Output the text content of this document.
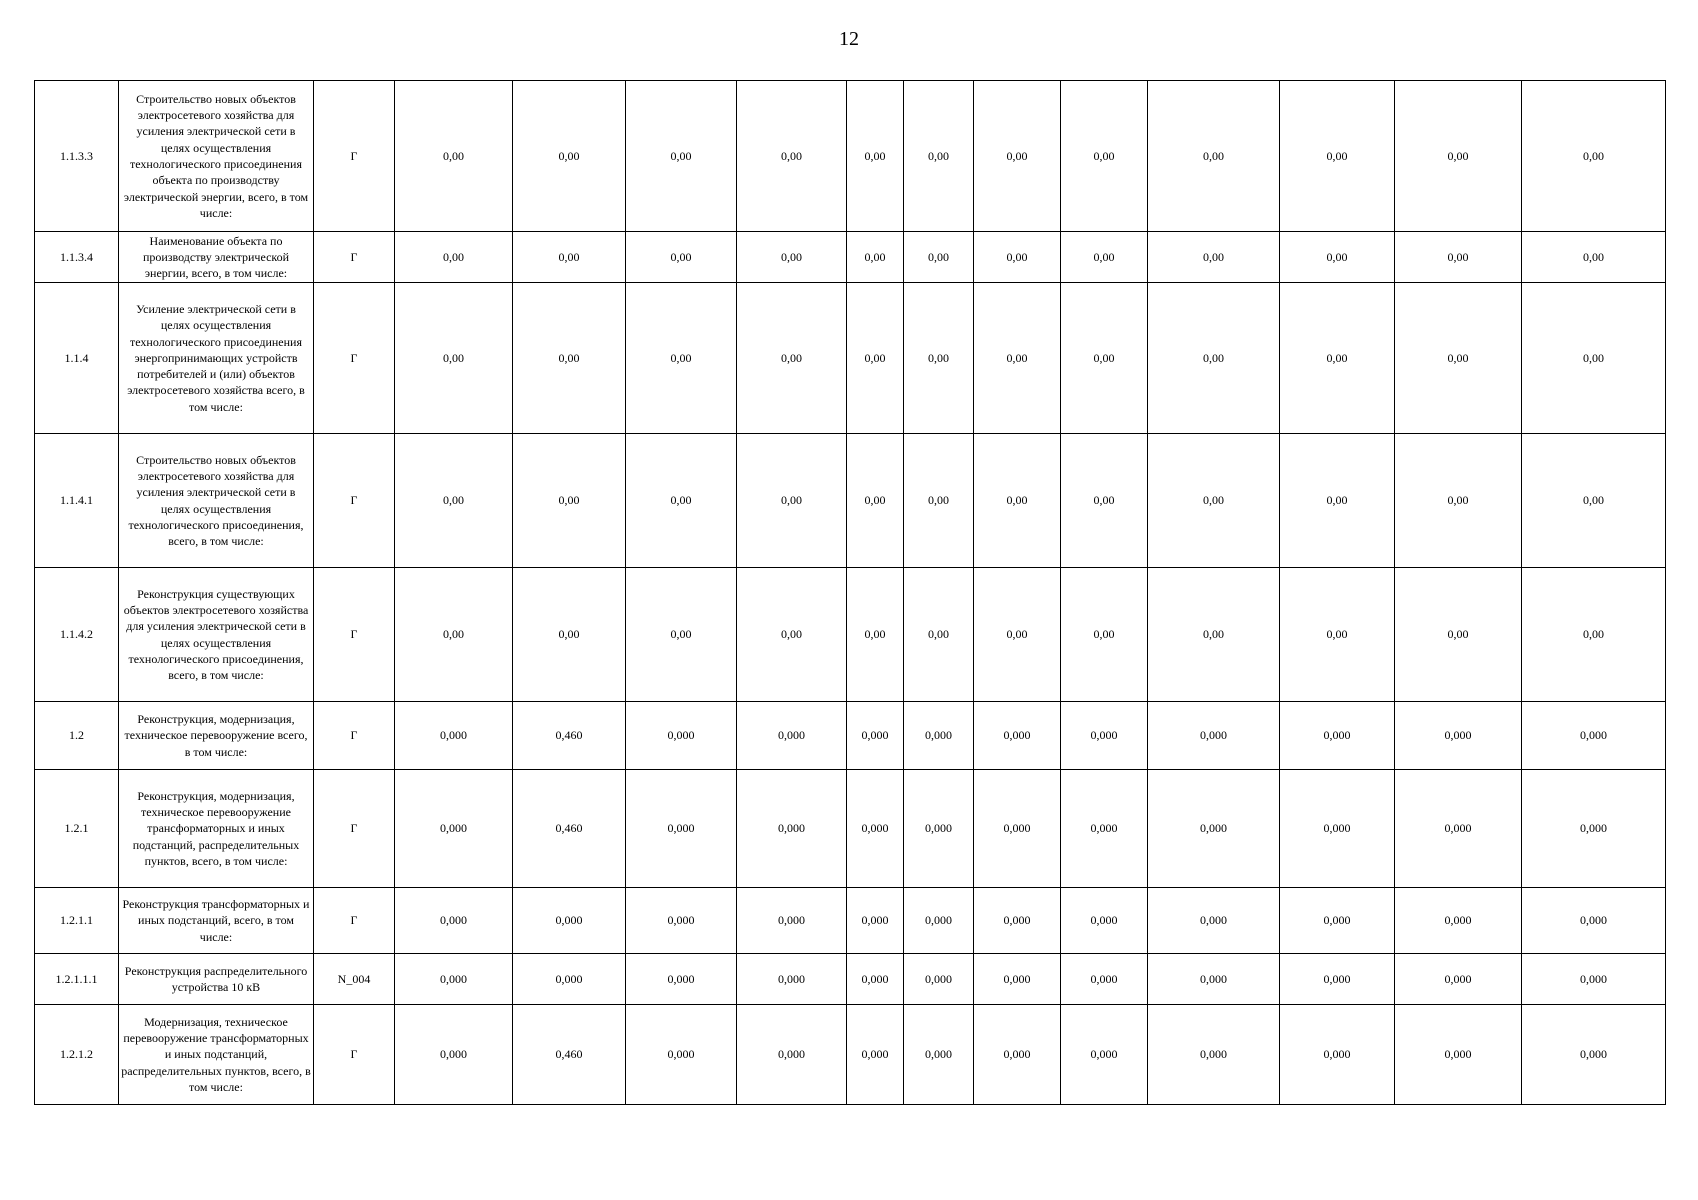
12
1.1.3.3	Строительство новых объектов электросетевого хозяйства для усиления электрической сети в целях осуществления технологического присоединения объекта по производству электрической энергии, всего, в том числе:	Г	0,00	0,00	0,00	0,00	0,00	0,00	0,00	0,00	0,00	0,00	0,00	0,00
1.1.3.4	Наименование объекта по производству электрической энергии, всего, в том числе:	Г	0,00	0,00	0,00	0,00	0,00	0,00	0,00	0,00	0,00	0,00	0,00	0,00
1.1.4	Усиление электрической сети в целях осуществления технологического присоединения энергопринимающих устройств потребителей и (или) объектов электросетевого хозяйства всего, в том числе:	Г	0,00	0,00	0,00	0,00	0,00	0,00	0,00	0,00	0,00	0,00	0,00	0,00
1.1.4.1	Строительство новых объектов электросетевого хозяйства для усиления электрической сети в целях осуществления технологического присоединения, всего, в том числе:	Г	0,00	0,00	0,00	0,00	0,00	0,00	0,00	0,00	0,00	0,00	0,00	0,00
1.1.4.2	Реконструкция существующих объектов электросетевого хозяйства для усиления электрической сети в целях осуществления технологического присоединения, всего, в том числе:	Г	0,00	0,00	0,00	0,00	0,00	0,00	0,00	0,00	0,00	0,00	0,00	0,00
1.2	Реконструкция, модернизация, техническое перевооружение всего, в том числе:	Г	0,000	0,460	0,000	0,000	0,000	0,000	0,000	0,000	0,000	0,000	0,000	0,000
1.2.1	Реконструкция, модернизация, техническое перевооружение трансформаторных и иных подстанций, распределительных пунктов, всего, в том числе:	Г	0,000	0,460	0,000	0,000	0,000	0,000	0,000	0,000	0,000	0,000	0,000	0,000
1.2.1.1	Реконструкция трансформаторных и иных подстанций, всего, в том числе:	Г	0,000	0,000	0,000	0,000	0,000	0,000	0,000	0,000	0,000	0,000	0,000	0,000
1.2.1.1.1	Реконструкция распределительного устройства 10 кВ	N_004	0,000	0,000	0,000	0,000	0,000	0,000	0,000	0,000	0,000	0,000	0,000	0,000
1.2.1.2	Модернизация, техническое перевооружение трансформаторных и иных подстанций, распределительных пунктов, всего, в том числе:	Г	0,000	0,460	0,000	0,000	0,000	0,000	0,000	0,000	0,000	0,000	0,000	0,000
